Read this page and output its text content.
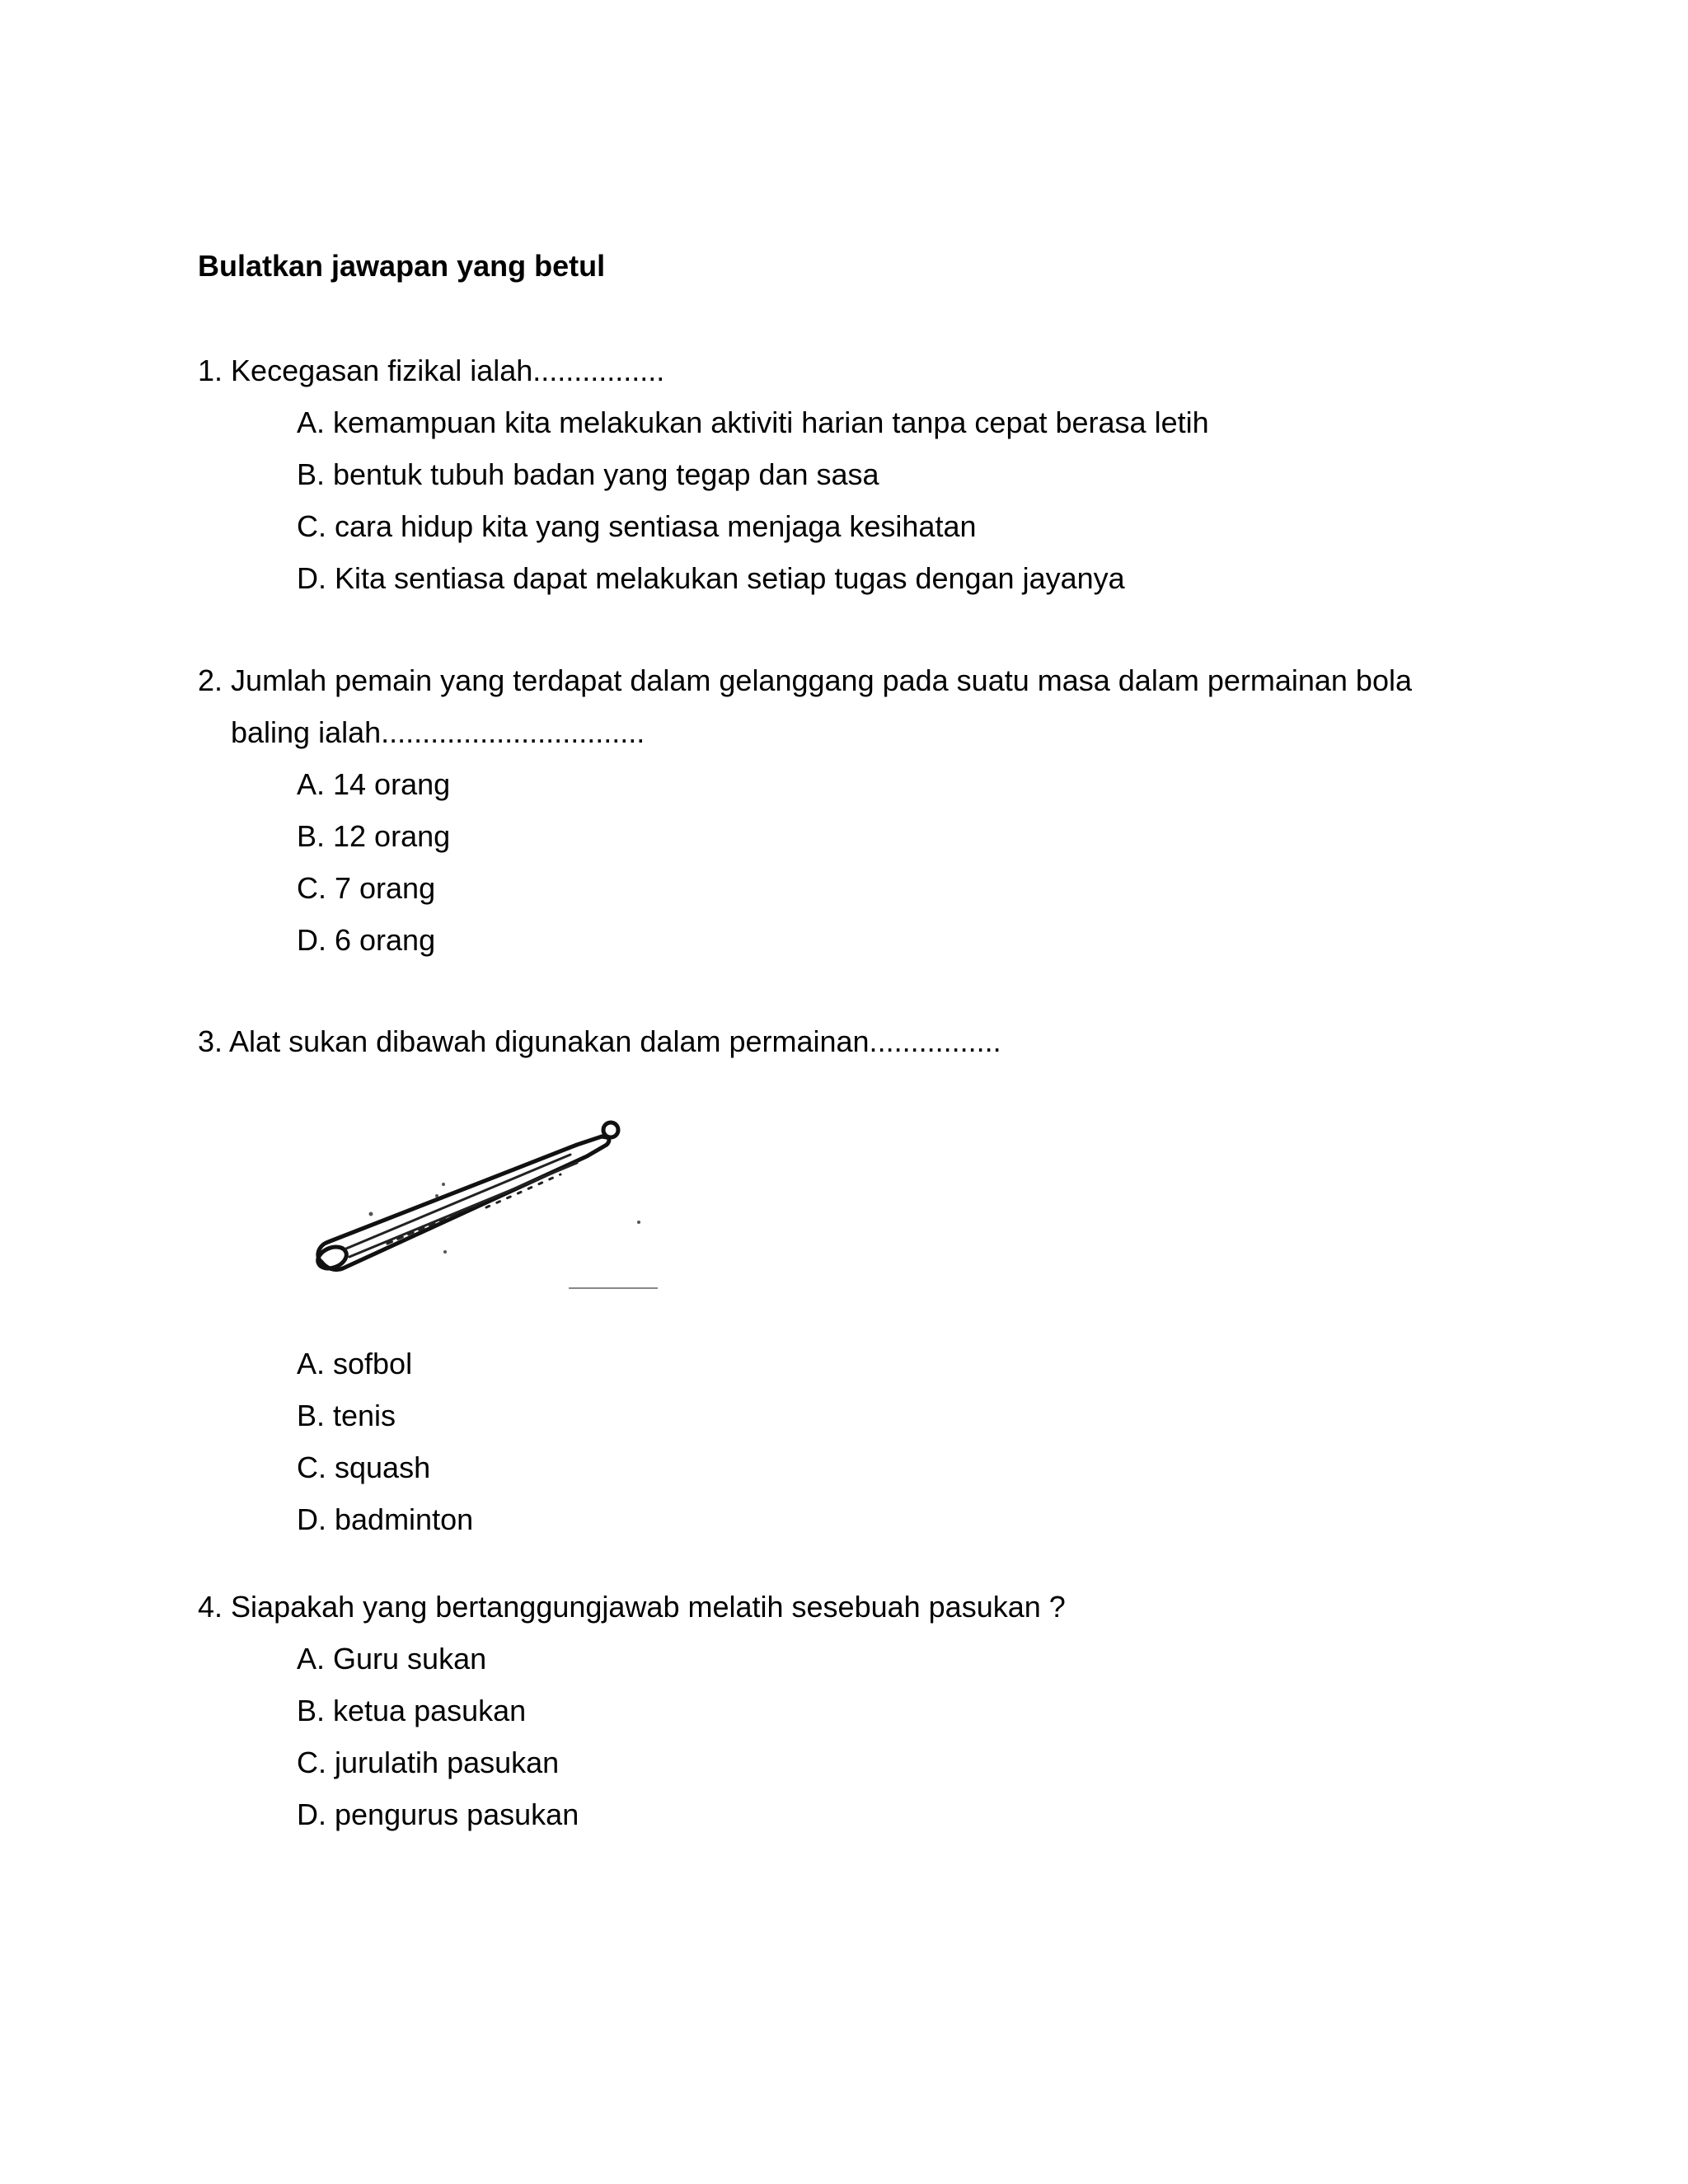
Bulatkan jawapan yang betul
1. Kecegasan fizikal ialah................
A. kemampuan kita melakukan aktiviti harian tanpa cepat berasa letih
B. bentuk tubuh badan yang tegap dan sasa
C. cara hidup kita yang sentiasa menjaga kesihatan
D. Kita sentiasa dapat melakukan setiap tugas dengan jayanya
2. Jumlah pemain yang terdapat dalam gelanggang pada suatu masa dalam permainan bola
baling ialah................................
A. 14 orang
B. 12 orang
C. 7 orang
D. 6 orang
3. Alat sukan dibawah digunakan dalam permainan................
A. sofbol
B. tenis
C. squash
D. badminton
4. Siapakah yang bertanggungjawab melatih sesebuah pasukan ?
A. Guru sukan
B. ketua pasukan
C. jurulatih pasukan
D. pengurus pasukan
